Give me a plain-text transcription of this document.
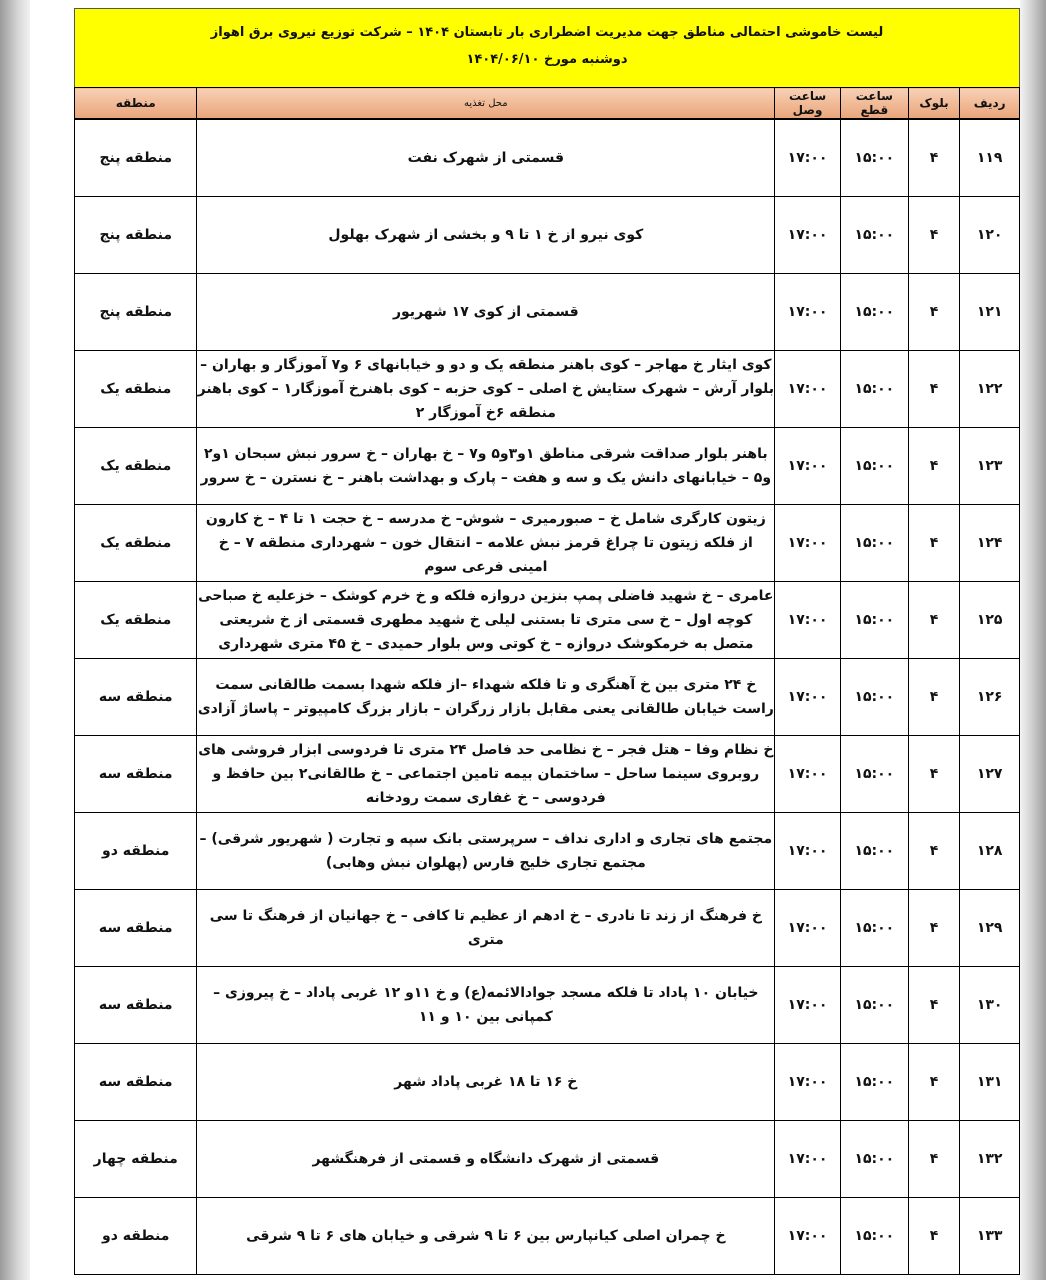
لیست خاموشی احتمالی مناطق جهت مدیریت اضطراری بار تابستان ۱۴۰۴ – شرکت توزیع نیروی برق اهواز
دوشنبه مورخ ۱۴۰۴/۰۶/۱۰
ردیف	بلوک	ساعت قطع	ساعت وصل	محل تغذیه	منطقه
۱۱۹	۴	۱۵:۰۰	۱۷:۰۰	قسمتی از شهرک نفت	منطقه پنج
۱۲۰	۴	۱۵:۰۰	۱۷:۰۰	کوی نیرو از خ ۱ تا ۹ و بخشی از شهرک بهلول	منطقه پنج
۱۲۱	۴	۱۵:۰۰	۱۷:۰۰	قسمتی از کوی ۱۷ شهریور	منطقه پنج
۱۲۲	۴	۱۵:۰۰	۱۷:۰۰	کوی ایثار خ مهاجر – کوی باهنر منطقه یک و دو و خیابانهای ۶ و۷ آموزگار و بهاران – بلوار آرش – شهرک ستایش خ اصلی – کوی حزبه – کوی باهنرخ آموزگار۱ – کوی باهنر منطقه ۶خ آموزگار ۲	منطقه یک
۱۲۳	۴	۱۵:۰۰	۱۷:۰۰	باهنر بلوار صداقت شرقی مناطق ۱و۳و۵ و۷ – خ بهاران – خ سرور نبش سبحان ۱و۲ و۵ – خیابانهای دانش یک و سه و هفت – پارک و بهداشت باهنر – خ نسترن – خ سرور	منطقه یک
۱۲۴	۴	۱۵:۰۰	۱۷:۰۰	زیتون کارگری شامل خ – صبورمیری – شوش– خ مدرسه – خ حجت ۱ تا ۴ – خ کارون از فلکه زیتون تا چراغ قرمز نبش علامه – انتقال خون – شهرداری منطقه ۷ – خ امینی فرعی سوم	منطقه یک
۱۲۵	۴	۱۵:۰۰	۱۷:۰۰	عامری – خ شهید فاضلی پمپ بنزین دروازه فلکه و خ خرم کوشک – خزعلیه خ صباحی کوچه اول – خ سی متری تا بستنی لیلی خ شهید مطهری قسمتی از خ شریعتی متصل به خرمکوشک دروازه – خ کوتی وس بلوار حمیدی – خ ۴۵ متری شهرداری	منطقه یک
۱۲۶	۴	۱۵:۰۰	۱۷:۰۰	خ ۲۴ متری بین خ آهنگری و تا فلکه شهداء –از فلکه شهدا بسمت طالقانی سمت راست خیابان طالقانی یعنی مقابل بازار زرگران – بازار بزرگ کامپیوتر – پاساژ آزادی	منطقه سه
۱۲۷	۴	۱۵:۰۰	۱۷:۰۰	خ نظام وفا – هتل فجر – خ نظامی حد فاصل ۲۴ متری تا فردوسی ابزار فروشی های روبروی سینما ساحل – ساختمان بیمه تامین اجتماعی – خ طالقانی۲ بین حافظ و فردوسی – خ غفاری سمت رودخانه	منطقه سه
۱۲۸	۴	۱۵:۰۰	۱۷:۰۰	مجتمع های تجاری و اداری نداف – سرپرستی بانک سپه و تجارت ( شهریور شرقی) – مجتمع تجاری خلیج فارس (پهلوان نبش وهابی)	منطقه دو
۱۲۹	۴	۱۵:۰۰	۱۷:۰۰	خ فرهنگ از زند تا نادری – خ ادهم از عظیم تا کافی – خ جهانیان از فرهنگ تا سی متری	منطقه سه
۱۳۰	۴	۱۵:۰۰	۱۷:۰۰	خیابان ۱۰ پاداد تا فلکه مسجد جوادالائمه(ع) و خ ۱۱و ۱۲ غربی پاداد – خ پیروزی –کمپانی بین ۱۰ و ۱۱	منطقه سه
۱۳۱	۴	۱۵:۰۰	۱۷:۰۰	خ ۱۶ تا ۱۸ غربی پاداد شهر	منطقه سه
۱۳۲	۴	۱۵:۰۰	۱۷:۰۰	قسمتی از شهرک دانشگاه و قسمتی از فرهنگشهر	منطقه چهار
۱۳۳	۴	۱۵:۰۰	۱۷:۰۰	خ چمران اصلی کیانپارس بین ۶ تا ۹ شرقی و خیابان های ۶ تا ۹ شرقی	منطقه دو
